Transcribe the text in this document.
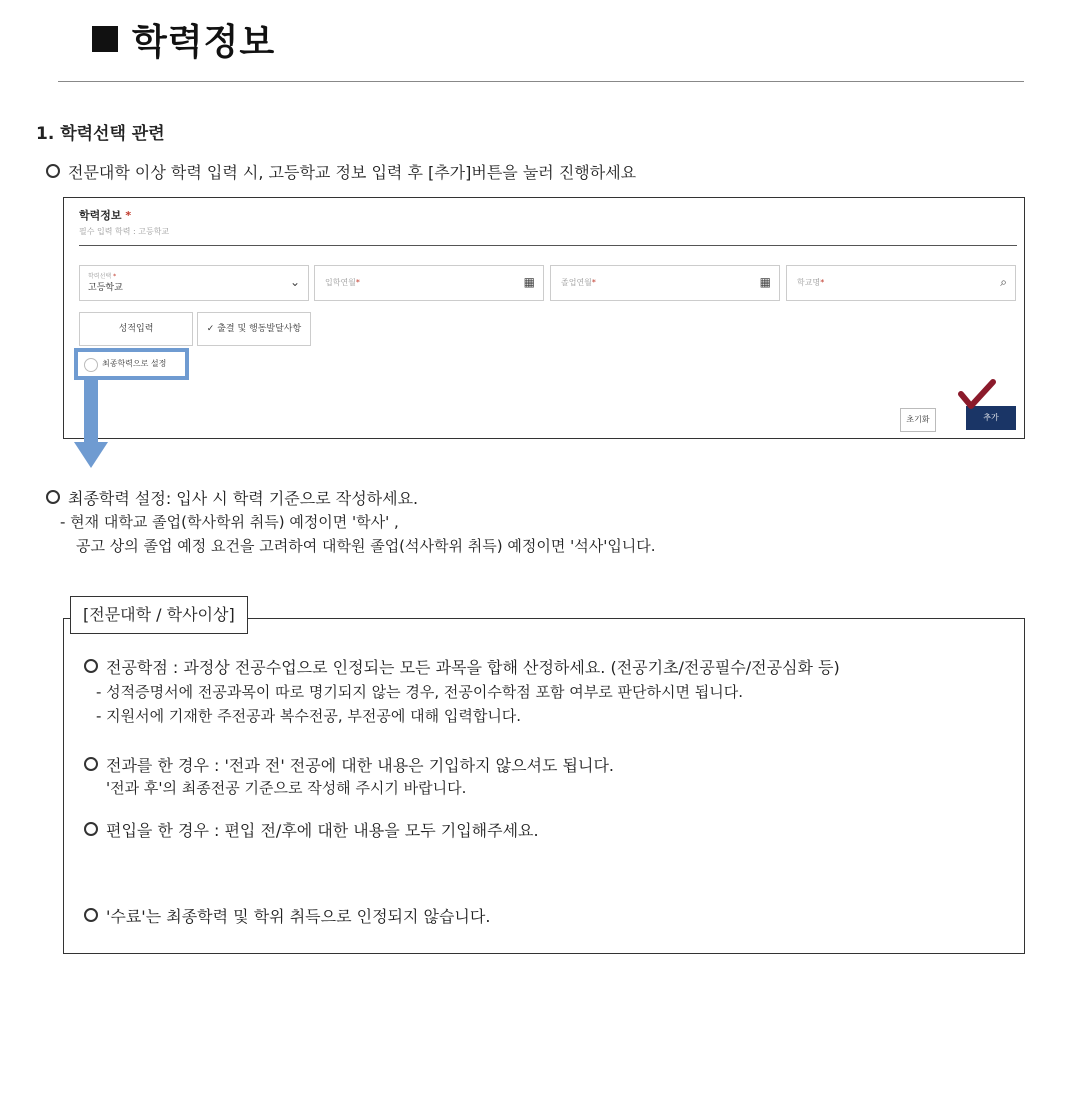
학력정보
1. 학력선택 관련
전문대학 이상 학력 입력 시, 고등학교 정보 입력 후 [추가]버튼을 눌러 진행하세요
학력정보 *
필수 입력 학력 : 고등학교
학력선택 *
고등학교	⌄	입학연월*	▦	졸업연월*	▦	학교명*	⌕
성적입력	✓ 출결 및 행동발달사항
최종학력으로 설정
초기화	추가
최종학력 설정: 입사 시 학력 기준으로 작성하세요.
- 현재 대학교 졸업(학사학위 취득) 예정이면 '학사' ,
공고 상의 졸업 예정 요건을 고려하여 대학원 졸업(석사학위 취득) 예정이면 '석사'입니다.
[전문대학 / 학사이상]
전공학점 : 과정상 전공수업으로 인정되는 모든 과목을 합해 산정하세요. (전공기초/전공필수/전공심화 등)
- 성적증명서에 전공과목이 따로 명기되지 않는 경우, 전공이수학점 포함 여부로 판단하시면 됩니다.
- 지원서에 기재한 주전공과 복수전공, 부전공에 대해 입력합니다.
전과를 한 경우 : '전과 전' 전공에 대한 내용은 기입하지 않으셔도 됩니다.
'전과 후'의 최종전공 기준으로 작성해 주시기 바랍니다.
편입을 한 경우 : 편입 전/후에 대한 내용을 모두 기입해주세요.
'수료'는 최종학력 및 학위 취득으로 인정되지 않습니다.
